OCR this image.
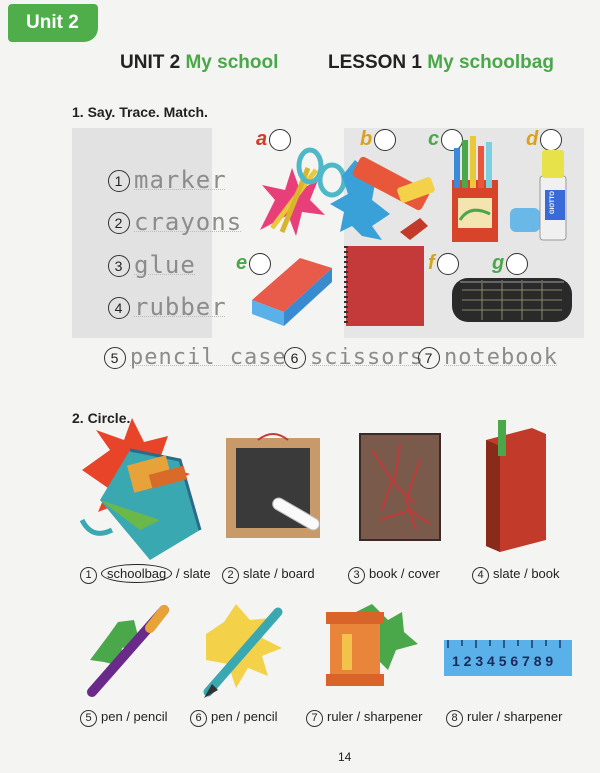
Unit 2
UNIT 2 My school	LESSON 1 My schoolbag
1. Say. Trace. Match.
1 marker
2 crayons
3 glue
4 rubber
5 pencil case 6 scissors 7 notebook
a	b	c	d
e	f	g
GIOTTO
2. Circle.
1 2 3 4 5 6 7 8 9
1 schoolbag / slate	2 slate / board	3 book / cover	4 slate / book
5 pen / pencil	6 pen / pencil	7 ruler / sharpener	8 ruler / sharpener
14
